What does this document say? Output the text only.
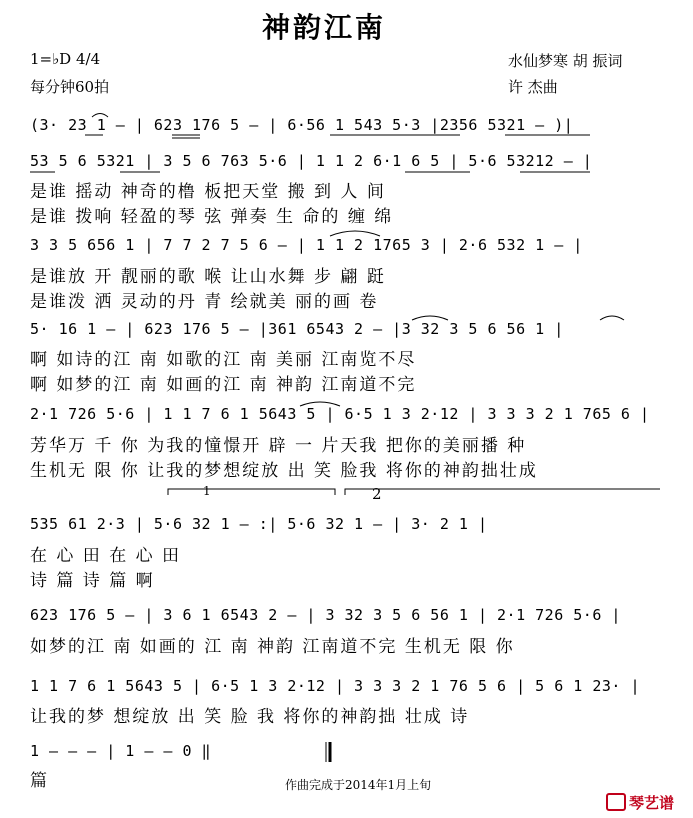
神韵江南
1=♭D 4/4
每分钟60拍
水仙梦寒 胡 振词
许 杰曲
(3· 23 1 – | 623 176 5 – | 6·56 1 543 5·3 |2356 5321 – )|
53 5 6 5321 | 3 5 6 763 5·6 | 1 1 2 6·1 6 5 | 5·6 53212 – |
是谁 摇动 神奇的橹 板把天堂 搬 到 人 间
是谁 拨响 轻盈的琴 弦 弹奏 生 命的 缠 绵
3 3 5 656 1 | 7 7 2 7 5 6 – | 1 1 2 1765 3 | 2·6 532 1 – |
是谁放 开 靓丽的歌 喉 让山水舞 步 翩 跹
是谁泼 洒 灵动的丹 青 绘就美 丽的画 卷
5· 16 1 – | 623 176 5 – |361 6543 2 – |3 32 3 5 6 56 1 |
啊 如诗的江 南 如歌的江 南 美丽 江南览不尽
啊 如梦的江 南 如画的江 南 神韵 江南道不完
2·1 726 5·6 | 1 1 7 6 1 5643 5 | 6·5 1 3 2·12 | 3 3 3 2 1 765 6 |
芳华万 千 你 为我的憧憬开 辟 一 片天我 把你的美丽播 种
生机无 限 你 让我的梦想绽放 出 笑 脸我 将你的神韵拙壮成
1	2
535 61 2·3 | 5·6 32 1 – :| 5·6 32 1 – | 3· 2 1 |
在 心 田 在 心 田
诗 篇 诗 篇 啊
623 176 5 – | 3 6 1 6543 2 – | 3 32 3 5 6 56 1 | 2·1 726 5·6 |
如梦的江 南 如画的 江 南 神韵 江南道不完 生机无 限 你
1 1 7 6 1 5643 5 | 6·5 1 3 2·12 | 3 3 3 2 1 76 5 6 | 5 6 1 23· |
让我的梦 想绽放 出 笑 脸 我 将你的神韵拙 壮成 诗
1 – – – | 1 – – 0 ‖
篇	作曲完成于2014年1月上旬
琴艺谱
